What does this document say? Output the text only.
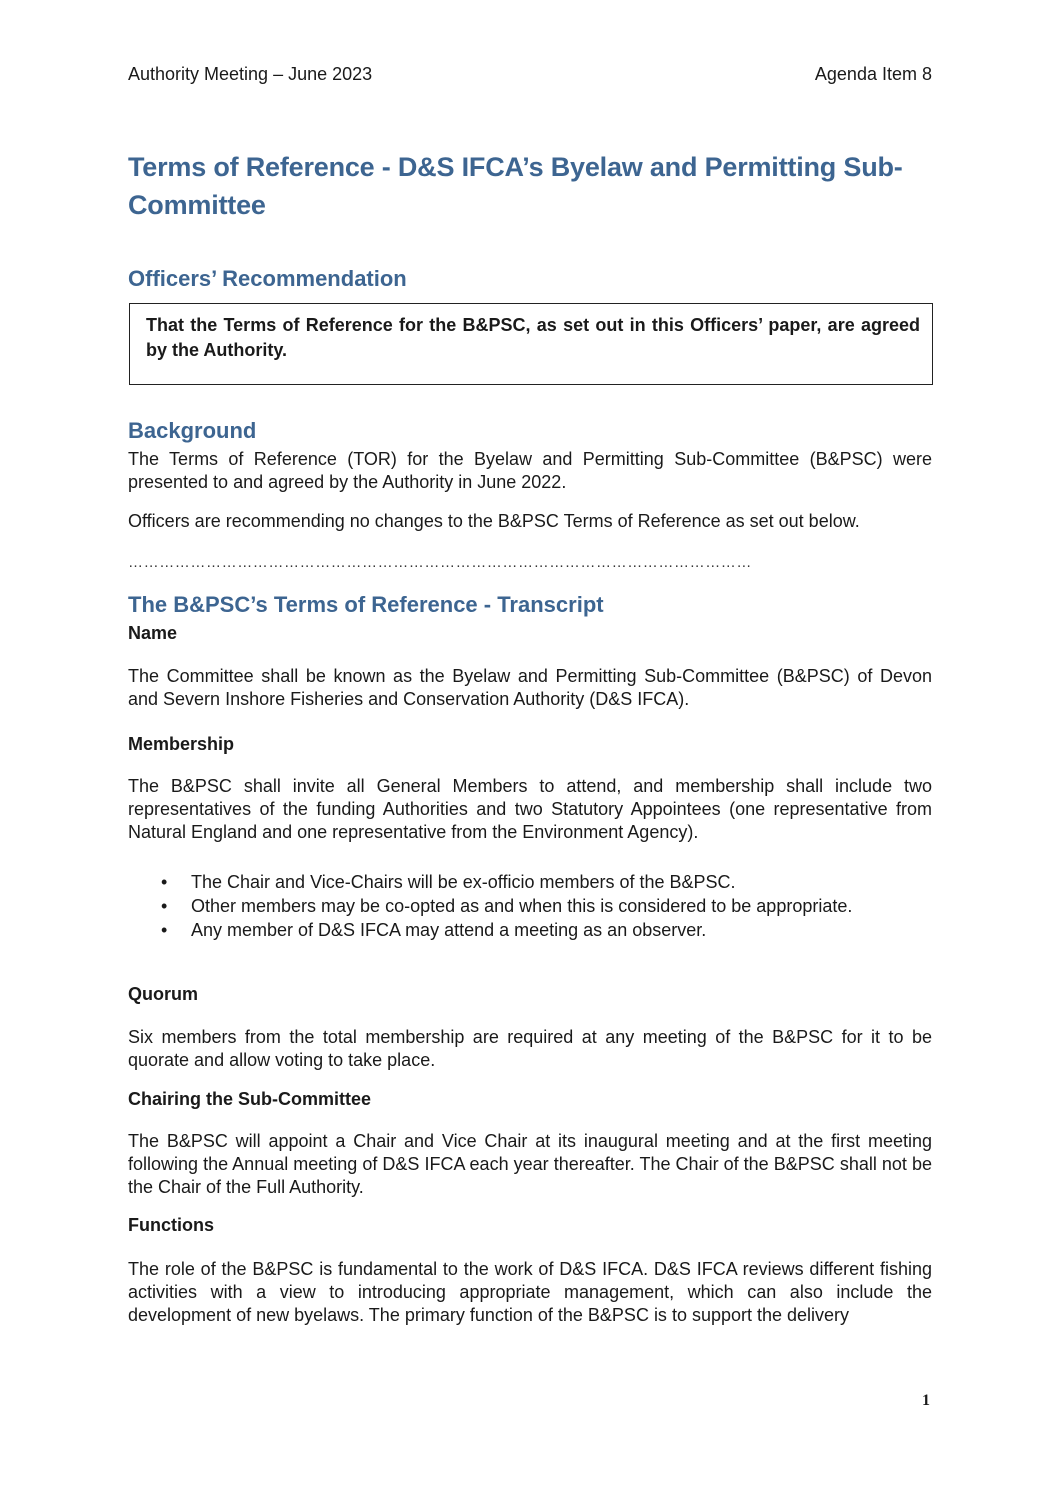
Authority Meeting – June 2023	Agenda Item 8
Terms of Reference - D&S IFCA’s Byelaw and Permitting Sub-Committee
Officers’ Recommendation
That the Terms of Reference for the B&PSC, as set out in this Officers’ paper, are agreed by the Authority.
Background
The Terms of Reference (TOR) for the Byelaw and Permitting Sub-Committee (B&PSC) were presented to and agreed by the Authority in June 2022.
Officers are recommending no changes to the B&PSC Terms of Reference as set out below.
…………………………………………………………………………………………………………
The B&PSC’s Terms of Reference - Transcript
Name
The Committee shall be known as the Byelaw and Permitting Sub-Committee (B&PSC) of Devon and Severn Inshore Fisheries and Conservation Authority (D&S IFCA).
Membership
The B&PSC shall invite all General Members to attend, and membership shall include two representatives of the funding Authorities and two Statutory Appointees (one representative from Natural England and one representative from the Environment Agency).
• The Chair and Vice-Chairs will be ex-officio members of the B&PSC.
• Other members may be co-opted as and when this is considered to be appropriate.
• Any member of D&S IFCA may attend a meeting as an observer.
Quorum
Six members from the total membership are required at any meeting of the B&PSC for it to be quorate and allow voting to take place.
Chairing the Sub-Committee
The B&PSC will appoint a Chair and Vice Chair at its inaugural meeting and at the first meeting following the Annual meeting of D&S IFCA each year thereafter. The Chair of the B&PSC shall not be the Chair of the Full Authority.
Functions
The role of the B&PSC is fundamental to the work of D&S IFCA. D&S IFCA reviews different fishing activities with a view to introducing appropriate management, which can also include the development of new byelaws. The primary function of the B&PSC is to support the delivery
1
